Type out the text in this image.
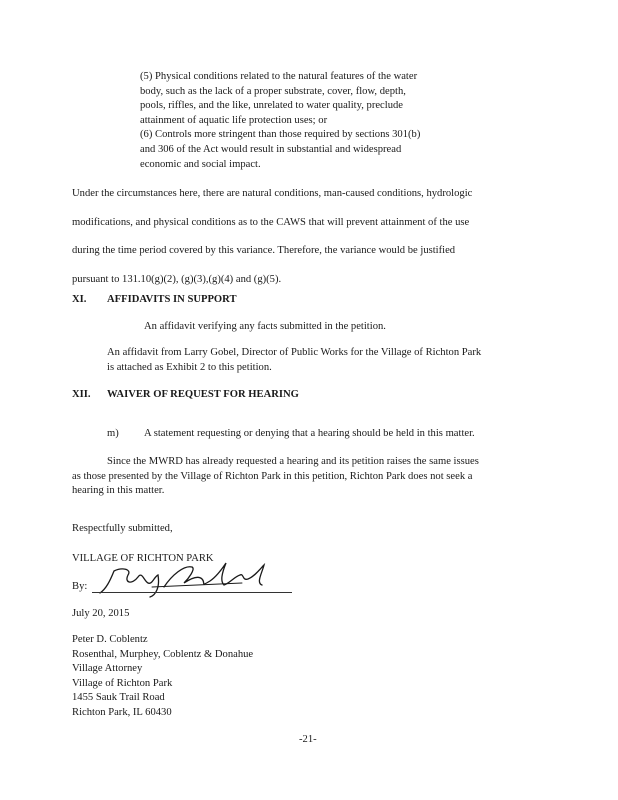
(5) Physical conditions related to the natural features of the water
body, such as the lack of a proper substrate, cover, flow, depth,
pools, riffles, and the like, unrelated to water quality, preclude
attainment of aquatic life protection uses; or
(6) Controls more stringent than those required by sections 301(b)
and 306 of the Act would result in substantial and widespread
economic and social impact.
Under the circumstances here, there are natural conditions, man-caused conditions, hydrologic
modifications, and physical conditions as to the CAWS that will prevent attainment of the use
during the time period covered by this variance. Therefore, the variance would be justified
pursuant to 131.10(g)(2), (g)(3),(g)(4) and (g)(5).

XI. AFFIDAVITS IN SUPPORT

An affidavit verifying any facts submitted in the petition.

An affidavit from Larry Gobel, Director of Public Works for the Village of Richton Park
is attached as Exhibit 2 to this petition.

XII. WAIVER OF REQUEST FOR HEARING

m) A statement requesting or denying that a hearing should be held in this matter.

Since the MWRD has already requested a hearing and its petition raises the same issues
as those presented by the Village of Richton Park in this petition, Richton Park does not seek a
hearing in this matter.

Respectfully submitted,

VILLAGE OF RICHTON PARK

By:

July 20, 2015

Peter D. Coblentz
Rosenthal, Murphey, Coblentz & Donahue
Village Attorney
Village of Richton Park
1455 Sauk Trail Road
Richton Park, IL 60430

-21-
